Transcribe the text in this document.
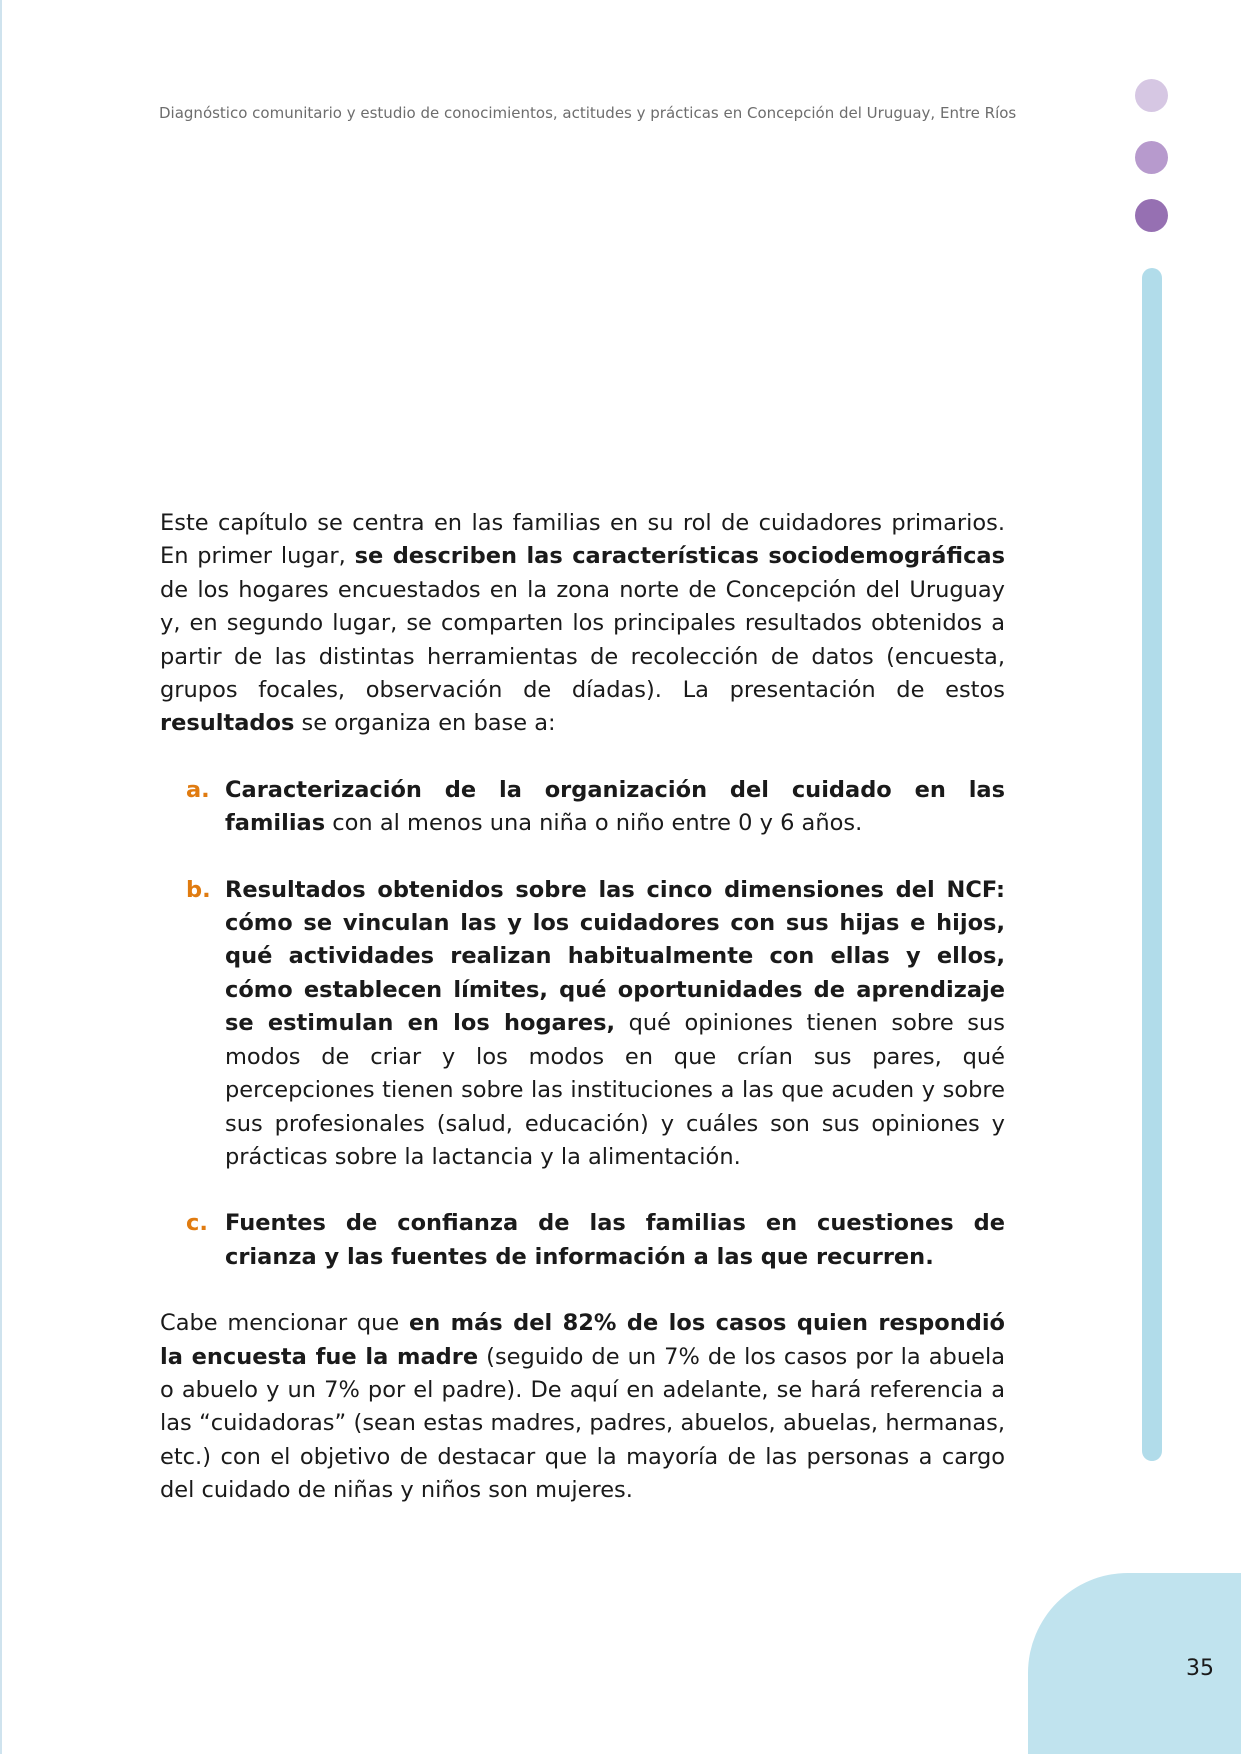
Diagnóstico comunitario y estudio de conocimientos, actitudes y prácticas en Concepción del Uruguay, Entre Ríos

Este capítulo se centra en las familias en su rol de cuidadores primarios. En primer lugar, se describen las características sociodemográficas de los hogares encuestados en la zona norte de Concepción del Uruguay y, en segundo lugar, se comparten los principales resultados obtenidos a partir de las distintas herramientas de recolección de datos (encuesta, grupos focales, observación de díadas). La presentación de estos resultados se organiza en base a:

a. Caracterización de la organización del cuidado en las familias con al menos una niña o niño entre 0 y 6 años.
b. Resultados obtenidos sobre las cinco dimensiones del NCF: cómo se vinculan las y los cuidadores con sus hijas e hijos, qué actividades realizan habitualmente con ellas y ellos, cómo establecen límites, qué oportunidades de aprendizaje se estimulan en los hogares, qué opiniones tienen sobre sus modos de criar y los modos en que crían sus pares, qué percepciones tienen sobre las instituciones a las que acuden y sobre sus profesionales (salud, educación) y cuáles son sus opiniones y prácticas sobre la lactancia y la alimentación.
c. Fuentes de confianza de las familias en cuestiones de crianza y las fuentes de información a las que recurren.

Cabe mencionar que en más del 82% de los casos quien respondió la encuesta fue la madre (seguido de un 7% de los casos por la abuela o abuelo y un 7% por el padre). De aquí en adelante, se hará referencia a las “cuidadoras” (sean estas madres, padres, abuelos, abuelas, hermanas, etc.) con el objetivo de destacar que la mayoría de las personas a cargo del cuidado de niñas y niños son mujeres.

35
